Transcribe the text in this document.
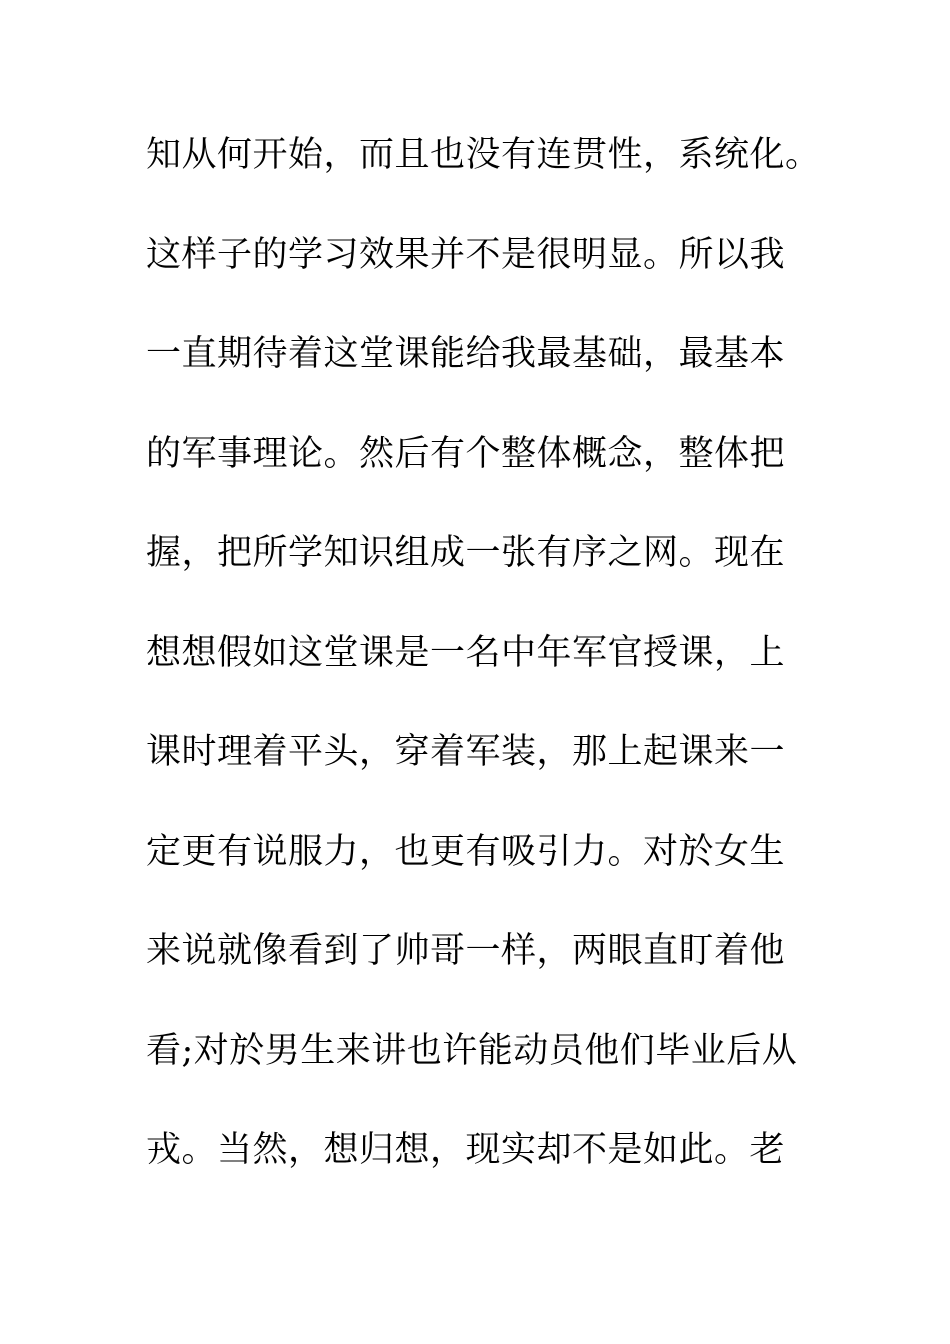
知从何开始，而且也没有连贯性，系统化。
这样子的学习效果并不是很明显。所以我
一直期待着这堂课能给我最基础，最基本
的军事理论。然后有个整体概念，整体把
握，把所学知识组成一张有序之网。现在
想想假如这堂课是一名中年军官授课，上
课时理着平头，穿着军装，那上起课来一
定更有说服力，也更有吸引力。对於女生
来说就像看到了帅哥一样，两眼直盯着他
看;对於男生来讲也许能动员他们毕业后从
戎。当然，想归想，现实却不是如此。老
